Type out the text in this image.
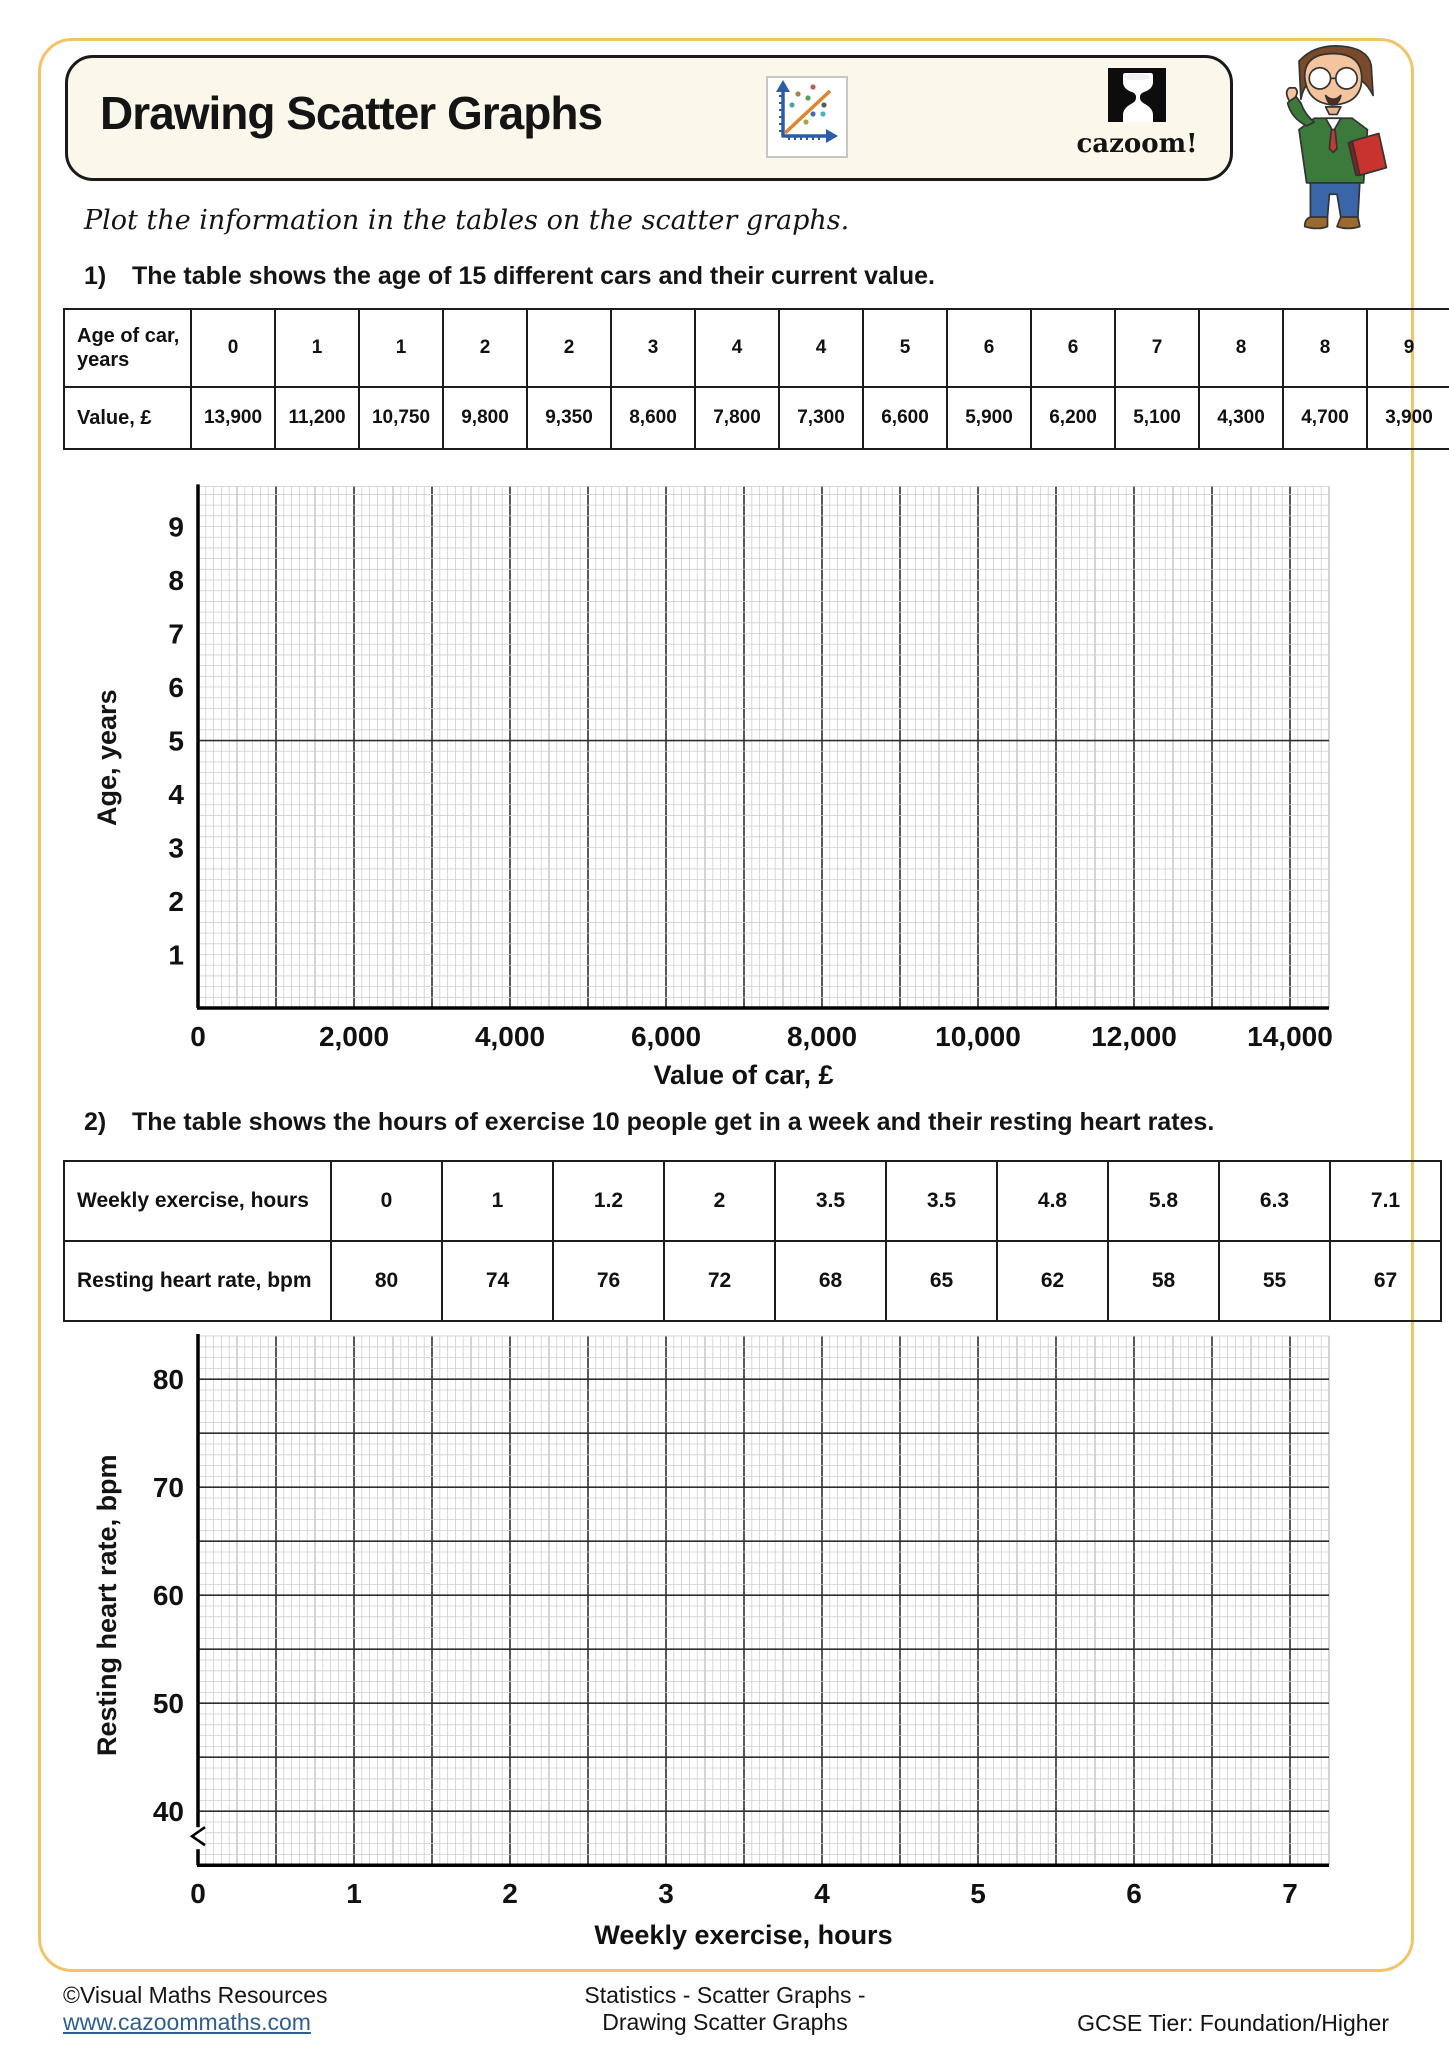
Drawing Scatter Graphs
cazoom!
Plot the information in the tables on the scatter graphs.
1) The table shows the age of 15 different cars and their current value.
Age of car, years	0	1	1	2	2	3	4	4	5	6	6	7	8	8	9
Value, £	13,900	11,200	10,750	9,800	9,350	8,600	7,800	7,300	6,600	5,900	6,200	5,100	4,300	4,700	3,900
Age, years
9
8
7
6
5
4
3
2
1
0	2,000	4,000	6,000	8,000	10,000	12,000	14,000
Value of car, £
2) The table shows the hours of exercise 10 people get in a week and their resting heart rates.
Weekly exercise, hours	0	1	1.2	2	3.5	3.5	4.8	5.8	6.3	7.1
Resting heart rate, bpm	80	74	76	72	68	65	62	58	55	67
Resting heart rate, bpm
80
70
60
50
40
0	1	2	3	4	5	6	7
Weekly exercise, hours
©Visual Maths Resources
www.cazoommaths.com
Statistics - Scatter Graphs -
Drawing Scatter Graphs	GCSE Tier: Foundation/Higher
